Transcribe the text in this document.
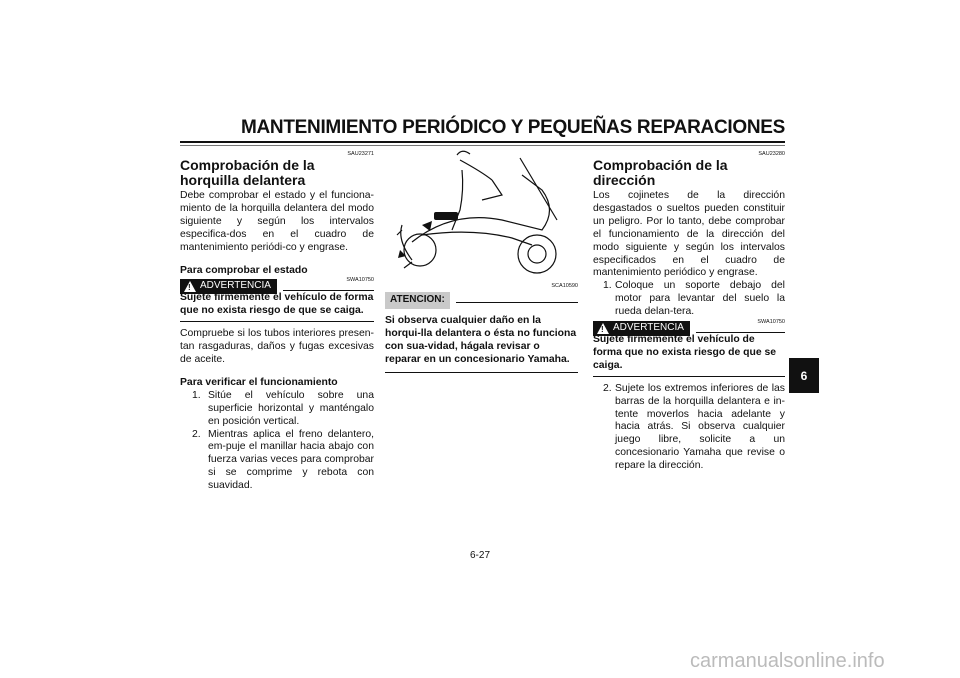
MANTENIMIENTO PERIÓDICO Y PEQUEÑAS REPARACIONES
SAU23271
Comprobación de la horquilla delantera

Debe comprobar el estado y el funciona-miento de la horquilla delantera del modo siguiente y según los intervalos especifica-dos en el cuadro de mantenimiento periódi-co y engrase.

Para comprobar el estado
! ADVERTENCIA
SWA10750
Sujete firmemente el vehículo de forma que no exista riesgo de que se caiga.

Compruebe si los tubos interiores presen-tan rasgaduras, daños y fugas excesivas de aceite.

Para verificar el funcionamiento
1. Sitúe el vehículo sobre una superficie horizontal y manténgalo en posición vertical.
2. Mientras aplica el freno delantero, em-puje el manillar hacia abajo con fuerza varias veces para comprobar si se comprime y rebota con suavidad.
SCA10590
ATENCION:
Si observa cualquier daño en la horqui-lla delantera o ésta no funciona con sua-vidad, hágala revisar o reparar en un concesionario Yamaha.
SAU23280
Comprobación de la dirección

Los cojinetes de la dirección desgastados o sueltos pueden constituir un peligro. Por lo tanto, debe comprobar el funcionamiento de la dirección del modo siguiente y según los intervalos especificados en el cuadro de mantenimiento periódico y engrase.

1. Coloque un soporte debajo del motor para levantar del suelo la rueda delan-tera.
! ADVERTENCIA
SWA10750
Sujete firmemente el vehículo de forma que no exista riesgo de que se caiga.
2. Sujete los extremos inferiores de las barras de la horquilla delantera e in-tente moverlos hacia adelante y hacia atrás. Si observa cualquier juego libre, solicite a un concesionario Yamaha que revise o repare la dirección.
6
6-27
carmanualsonline.info
